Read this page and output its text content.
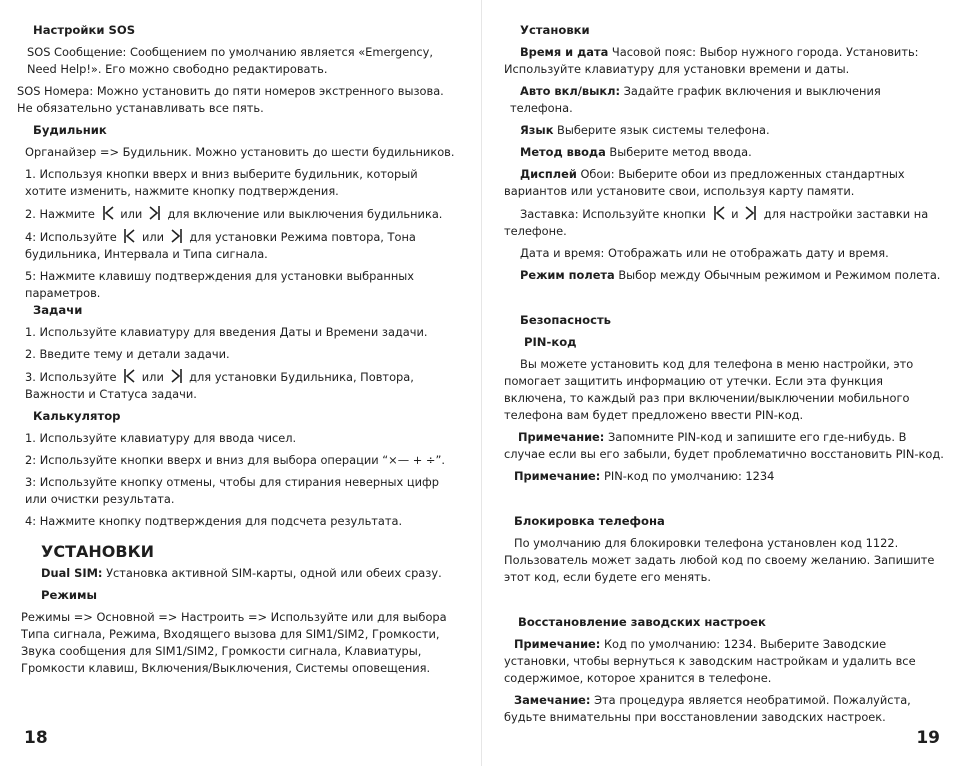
Настройки SOS

SOS Сообщение: Сообщением по умолчанию является «Emergency, Need Help!». Его можно свободно редактировать.

SOS Номера: Можно установить до пяти номеров экстренного вызова. Не обязательно устанавливать все пять.

Будильник

Органайзер => Будильник. Можно установить до шести будильников.

1. Используя кнопки вверх и вниз выберите будильник, который хотите изменить, нажмите кнопку подтверждения.

2. Нажмите или для включение или выключения будильника.

4: Используйте или для установки Режима повтора, Тона будильника, Интервала и Типа сигнала.

5: Нажмите клавишу подтверждения для установки выбранных параметров.

Задачи

1. Используйте клавиатуру для введения Даты и Времени задачи.

2. Введите тему и детали задачи.

3. Используйте или для установки Будильника, Повтора, Важности и Статуса задачи.

Калькулятор

1. Используйте клавиатуру для ввода чисел.

2: Используйте кнопки вверх и вниз для выбора операции “×— + ÷”.

3: Используйте кнопку отмены, чтобы для стирания неверных цифр или очистки результата.

4: Нажмите кнопку подтверждения для подсчета результата.

УСТАНОВКИ

Dual SIM: Установка активной SIM-карты, одной или обеих сразу.

Режимы

Режимы => Основной => Настроить => Используйте или для выбора Типа сигнала, Режима, Входящего вызова для SIM1/SIM2, Громкости, Звука сообщения для SIM1/SIM2, Громкости сигнала, Клавиатуры, Громкости клавиш, Включения/Выключения, Системы оповещения.

18
Установки

Время и дата Часовой пояс: Выбор нужного города. Установить: Используйте клавиатуру для установки времени и даты.

Авто вкл/выкл: Задайте график включения и выключения телефона.

Язык Выберите язык системы телефона.

Метод ввода Выберите метод ввода.

Дисплей Обои: Выберите обои из предложенных стандартных вариантов или установите свои, используя карту памяти.

Заставка: Используйте кнопки и для настройки заставки на телефоне.

Дата и время: Отображать или не отображать дату и время.

Режим полета Выбор между Обычным режимом и Режимом полета.

Безопасность
PIN-код

Вы можете установить код для телефона в меню настройки, это помогает защитить информацию от утечки. Если эта функция включена, то каждый раз при включении/выключении мобильного телефона вам будет предложено ввести PIN-код.

Примечание: Запомните PIN-код и запишите его где-нибудь. В случае если вы его забыли, будет проблематично восстановить PIN-код.

Примечание: PIN-код по умолчанию: 1234

Блокировка телефона

По умолчанию для блокировки телефона установлен код 1122. Пользователь может задать любой код по своему желанию. Запишите этот код, если будете его менять.

Восстановление заводских настроек

Примечание: Код по умолчанию: 1234. Выберите Заводские установки, чтобы вернуться к заводским настройкам и удалить все содержимое, которое хранится в телефоне.

Замечание: Эта процедура является необратимой. Пожалуйста, будьте внимательны при восстановлении заводских настроек.

19
